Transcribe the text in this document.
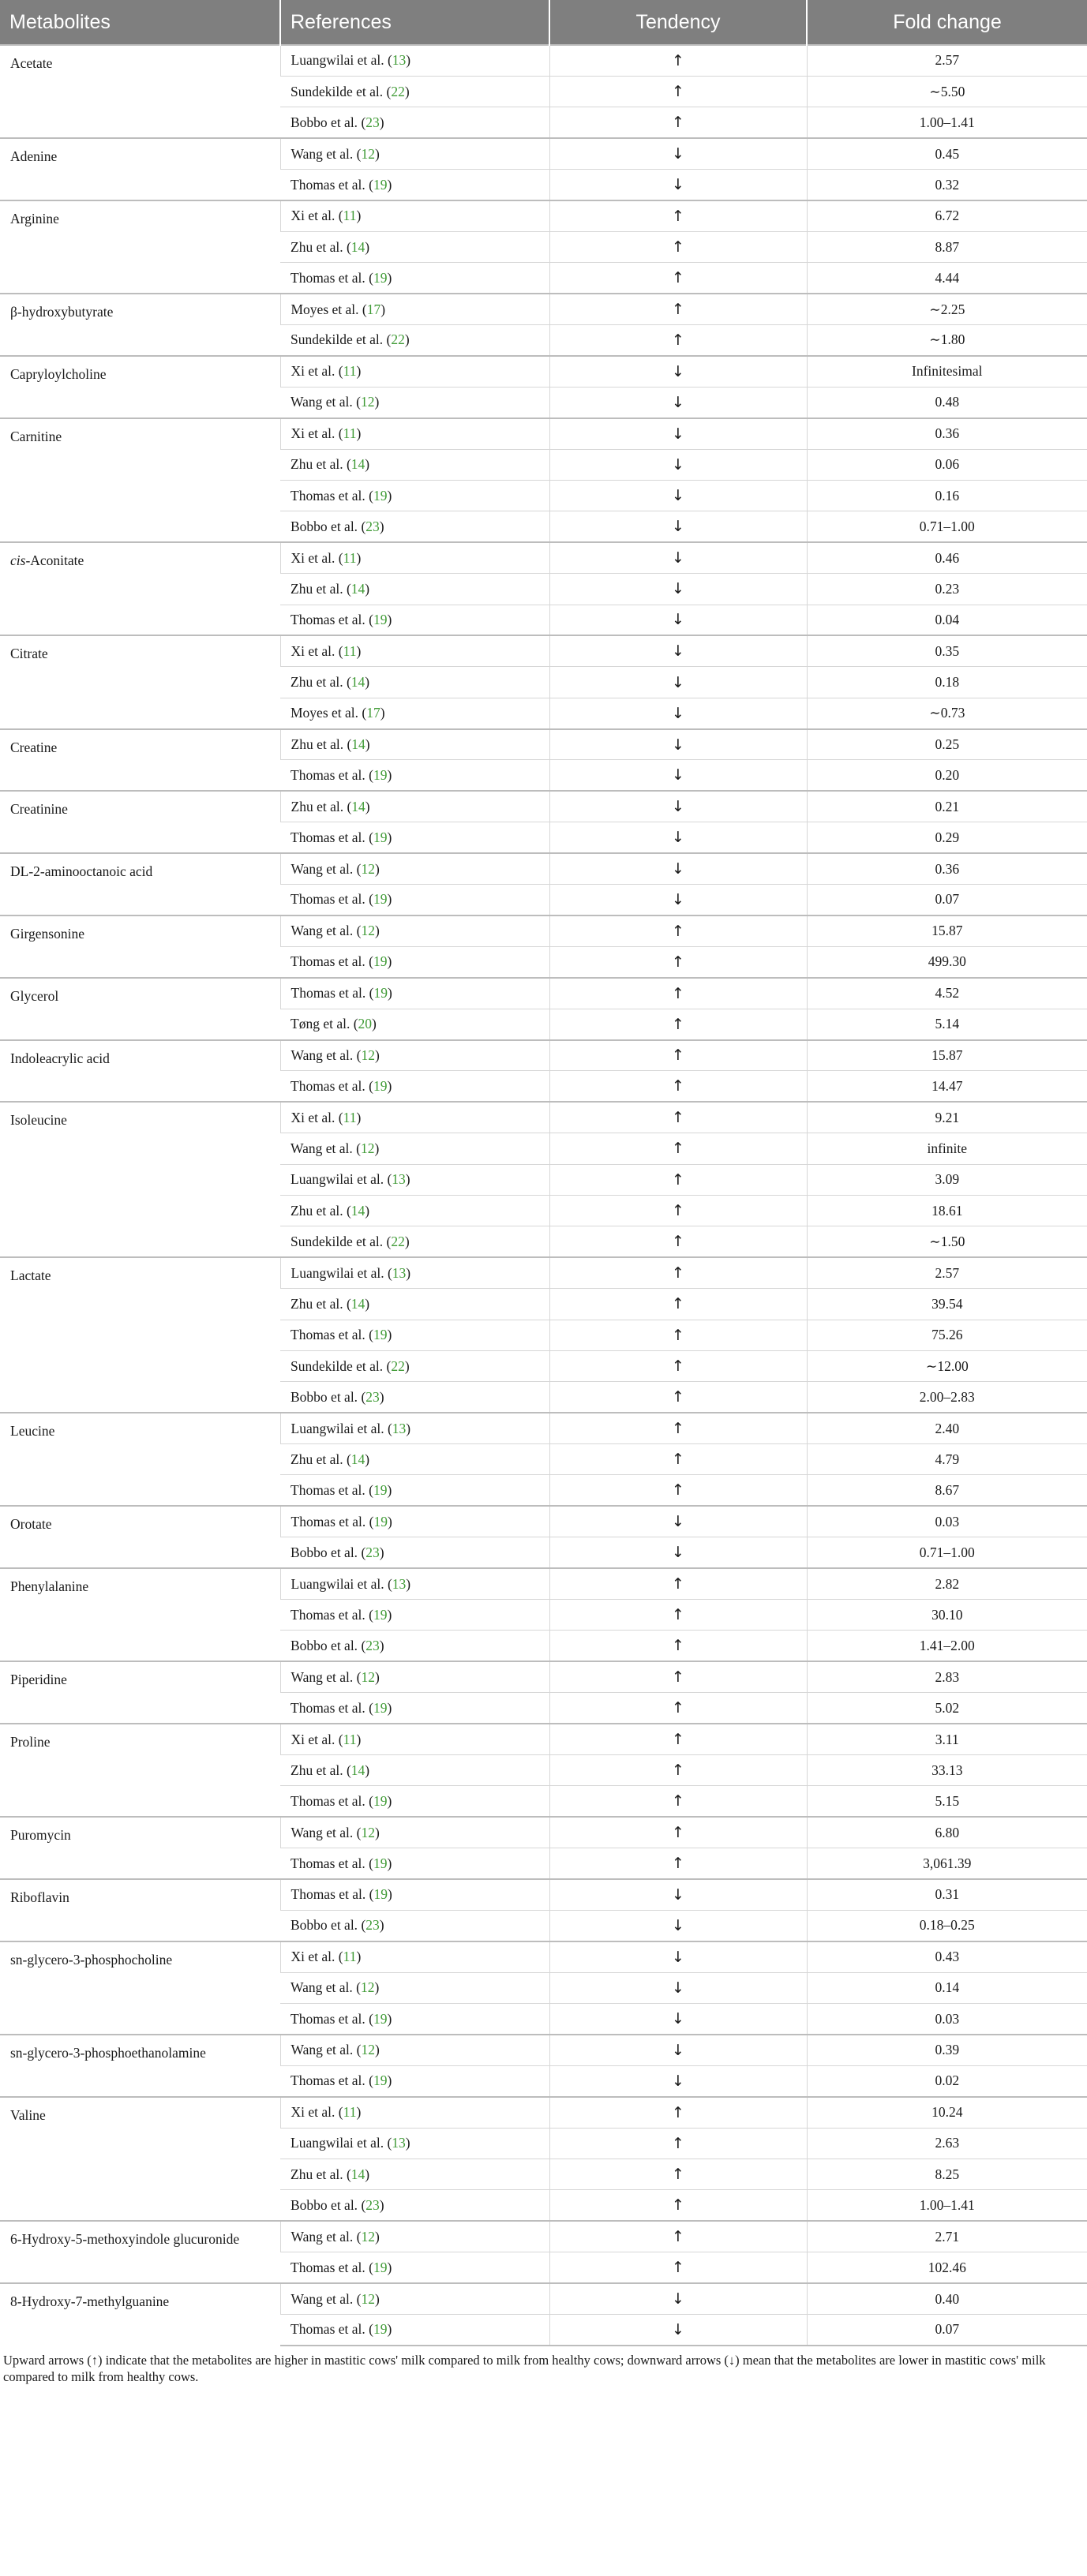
Metabolites	References	Tendency	Fold change
Acetate	Luangwilai et al. (13)	↑	2.57
	Sundekilde et al. (22)	↑	∼5.50
	Bobbo et al. (23)	↑	1.00–1.41
Adenine	Wang et al. (12)	↓	0.45
	Thomas et al. (19)	↓	0.32
Arginine	Xi et al. (11)	↑	6.72
	Zhu et al. (14)	↑	8.87
	Thomas et al. (19)	↑	4.44
β-hydroxybutyrate	Moyes et al. (17)	↑	∼2.25
	Sundekilde et al. (22)	↑	∼1.80
Capryloylcholine	Xi et al. (11)	↓	Infinitesimal
	Wang et al. (12)	↓	0.48
Carnitine	Xi et al. (11)	↓	0.36
	Zhu et al. (14)	↓	0.06
	Thomas et al. (19)	↓	0.16
	Bobbo et al. (23)	↓	0.71–1.00
cis-Aconitate	Xi et al. (11)	↓	0.46
	Zhu et al. (14)	↓	0.23
	Thomas et al. (19)	↓	0.04
Citrate	Xi et al. (11)	↓	0.35
	Zhu et al. (14)	↓	0.18
	Moyes et al. (17)	↓	∼0.73
Creatine	Zhu et al. (14)	↓	0.25
	Thomas et al. (19)	↓	0.20
Creatinine	Zhu et al. (14)	↓	0.21
	Thomas et al. (19)	↓	0.29
DL-2-aminooctanoic acid	Wang et al. (12)	↓	0.36
	Thomas et al. (19)	↓	0.07
Girgensonine	Wang et al. (12)	↑	15.87
	Thomas et al. (19)	↑	499.30
Glycerol	Thomas et al. (19)	↑	4.52
	Tøng et al. (20)	↑	5.14
Indoleacrylic acid	Wang et al. (12)	↑	15.87
	Thomas et al. (19)	↑	14.47
Isoleucine	Xi et al. (11)	↑	9.21
	Wang et al. (12)	↑	infinite
	Luangwilai et al. (13)	↑	3.09
	Zhu et al. (14)	↑	18.61
	Sundekilde et al. (22)	↑	∼1.50
Lactate	Luangwilai et al. (13)	↑	2.57
	Zhu et al. (14)	↑	39.54
	Thomas et al. (19)	↑	75.26
	Sundekilde et al. (22)	↑	∼12.00
	Bobbo et al. (23)	↑	2.00–2.83
Leucine	Luangwilai et al. (13)	↑	2.40
	Zhu et al. (14)	↑	4.79
	Thomas et al. (19)	↑	8.67
Orotate	Thomas et al. (19)	↓	0.03
	Bobbo et al. (23)	↓	0.71–1.00
Phenylalanine	Luangwilai et al. (13)	↑	2.82
	Thomas et al. (19)	↑	30.10
	Bobbo et al. (23)	↑	1.41–2.00
Piperidine	Wang et al. (12)	↑	2.83
	Thomas et al. (19)	↑	5.02
Proline	Xi et al. (11)	↑	3.11
	Zhu et al. (14)	↑	33.13
	Thomas et al. (19)	↑	5.15
Puromycin	Wang et al. (12)	↑	6.80
	Thomas et al. (19)	↑	3,061.39
Riboflavin	Thomas et al. (19)	↓	0.31
	Bobbo et al. (23)	↓	0.18–0.25
sn-glycero-3-phosphocholine	Xi et al. (11)	↓	0.43
	Wang et al. (12)	↓	0.14
	Thomas et al. (19)	↓	0.03
sn-glycero-3-phosphoethanolamine	Wang et al. (12)	↓	0.39
	Thomas et al. (19)	↓	0.02
Valine	Xi et al. (11)	↑	10.24
	Luangwilai et al. (13)	↑	2.63
	Zhu et al. (14)	↑	8.25
	Bobbo et al. (23)	↑	1.00–1.41
6-Hydroxy-5-methoxyindole glucuronide	Wang et al. (12)	↑	2.71
	Thomas et al. (19)	↑	102.46
8-Hydroxy-7-methylguanine	Wang et al. (12)	↓	0.40
	Thomas et al. (19)	↓	0.07

Upward arrows (↑) indicate that the metabolites are higher in mastitic cows' milk compared to milk from healthy cows; downward arrows (↓) mean that the metabolites are lower in mastitic cows' milk compared to milk from healthy cows.
